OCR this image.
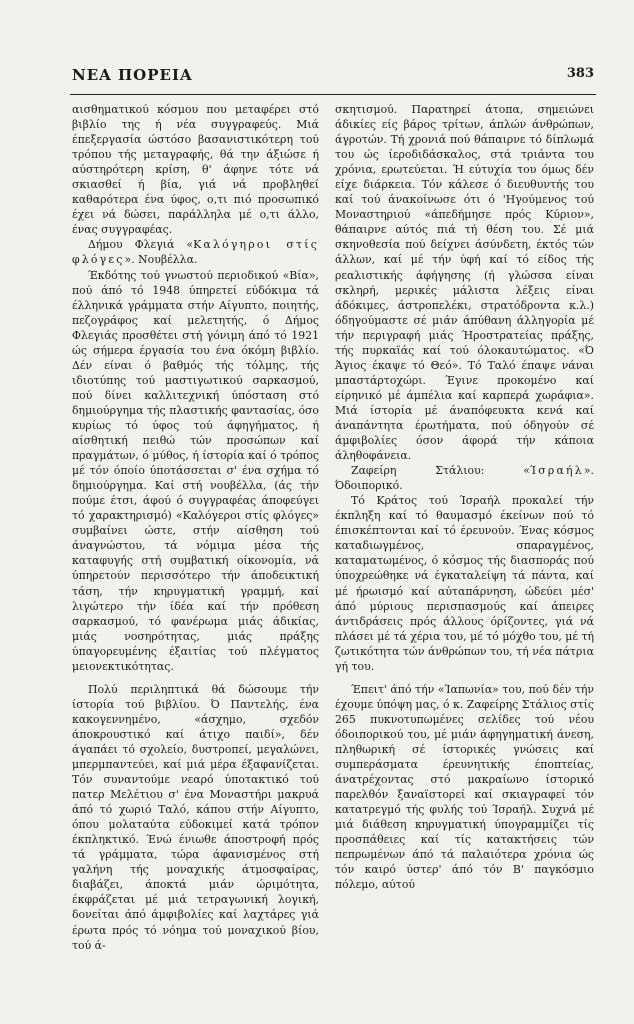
ΝΕΑ ΠΟΡΕΙΑ	383

αισθηματικού κόσμου που μεταφέρει στό βιβλίο της ή νέα συγγραφεύς. Μιά έπεξεργασία ώστόσο βασανιστικότερη τού τρόπου τής μεταγραφής, θά την άξιώσε ή αύστηρότερη κρίση, θ' άφηνε τότε νά σκιασθεί ή βία, γιά νά προβληθεί καθαρότερα ένα ύφος, ο,τι πιό προσωπικό έχει νά δώσει, παράλληλα μέ ο,τι άλλο, ένας συγγραφέας.

Δήμου Φλεγιά «Καλόγηροι στίς φλόγες». Νουβέλλα.

Έκδότης τού γνωστού περιοδικού «Βία», πού άπό τό 1948 ύπηρετεί εύδόκιμα τά έλληνικά γράμματα στήν Αίγυπτο, ποιητής, πεζογράφος καί μελετητής, ό Δήμος Φλεγιάς προσθέτει στή γόνιμη άπό τό 1921 ώς σήμερα έργασία του ένα όκόμη βιβλίο. Δέν είναι ό βαθμός τής τόλμης, τής ιδιοτύπης τού μαστιγωτικού σαρκασμού, πού δίνει καλλιτεχνική ύπόσταση στό δημιούργημα τής πλαστικής φαντασίας, όσο κυρίως τό ύφος τού άφηγήματος, ή αίσθητική πειθώ τών προσώπων καί πραγμάτων, ό μύθος, ή ίστορία καί ό τρόπος μέ τόν όποίο ύποτάσσεται σ' ένα σχήμα τό δημιούργημα. Καί στή νουβέλλα, (άς τήν πούμε έτσι, άφού ό συγγραφέας άποφεύγει τό χαρακτηρισμό) «Καλόγεροι στίς φλόγες» συμβαίνει ώστε, στήν αίσθηση τού άναγνώστου, τά νόμιμα μέσα τής καταφυγής στή συμβατική οίκονομία, νά ύπηρετούν περισσότερο τήν άποδεικτική τάση, τήν κηρυγματική γραμμή, καί λιγώτερο τήν ίδέα καί τήν πρόθεση σαρκασμού, τό φανέρωμα μιάς άδικίας, μιάς νοσηρότητας, μιάς πράξης ύπαγορευμένης έξαιτίας τού πλέγματος μειονεκτικότητας.

Πολύ περιληπτικά θά δώσουμε τήν ίστορία τού βιβλίου. Ό Παντελής, ένα κακογεννημένο, «άσχημο, σχεδόν άποκρουστικό καί άτιχο παιδί», δέν άγαπάει τό σχολείο, δυστροπεί, μεγαλώνει, μπερμπαντεύει, καί μιά μέρα έξαφανίζεται. Τόν συναντούμε νεαρό ύποτακτικό τού πατερ Μελέτιου σ' ένα Μοναστήρι μακρυά άπό τό χωριό Ταλό, κάπου στήν Αίγυπτο, όπου μολαταύτα εύδοκιμεί κατά τρόπον έκπληκτικό. Ένώ ένιωθε άποστροφή πρός τά γράμματα, τώρα άφανισμένος στή γαλήνη τής μοναχικής άτμοσφαίρας, διαβάζει, άποκτά μιάν ώριμότητα, έκφράζεται μέ μιά τετραγωνική λογική, δονείται άπό άμφιβολίες καί λαχτάρες γιά έρωτα πρός τό νόημα τού μοναχικού βίου, τού ά-

σκητισμού. Παρατηρεί άτοπα, σημειώνει άδικίες είς βάρος τρίτων, άπλών άνθρώπων, άγροτών. Τή χρονιά πού θάπαιρνε τό δίπλωμά του ώς ίεροδιδάσκαλος, στά τριάντα του χρόνια, ερωτεύεται. Ή εύτυχία του όμως δέν είχε διάρκεια. Τόν κάλεσε ό διευθυντής του καί τού άνακοίνωσε ότι ό 'Ηγούμενος τού Μοναστηριού «άπεδήμησε πρός Κύριον», θάπαιρνε αύτός πιά τή θέση του. Σέ μιά σκηνοθεσία πού δείχνει άσύνδετη, έκτός τών άλλων, καί μέ τήν ύφή καί τό είδος τής ρεαλιστικής άφήγησης (ή γλώσσα είναι σκληρή, μερικές μάλιστα λέξεις είναι άδόκιμες, άστροπελέκι, στρατόδροντα κ.λ.) όδηγούμαστε σέ μιάν άπύθανη άλληγορία μέ τήν περιγραφή μιάς Ήροστρατείας πράξης, τής πυρκαϊάς καί τού όλοκαυτώματος. «Ό Άγιος έκαψε τό Θεό». Τό Ταλό έπαψε νάναι μπαστάρτοχώρι. Έγινε προκομένο καί είρηνικό μέ άμπέλια καί καρπερά χωράφια». Μιά ίστορία μέ άναπόφευκτα κενά καί άναπάντητα έρωτήματα, πού όδηγούν σέ άμφιβολίες όσον άφορά τήν κάποια άληθοφάνεια.

Ζαφείρη Στάλιου: «Ίσραήλ». Όδοιπορικό.

Τό Κράτος τού Ίσραήλ προκαλεί τήν έκπληξη καί τό θαυμασμό έκείνων πού τό έπισκέπτονται καί τό έρευνούν. Ένας κόσμος καταδιωγμένος, σπαραγμένος, καταματωμένος, ό κόσμος τής διασποράς πού ύποχρεώθηκε νά έγκαταλείψη τά πάντα, καί μέ ήρωισμό καί αύταπάρνηση, ώδεύει μέσ' άπό μύριους περισπασμούς καί άπειρες άντιδράσεις πρός άλλους όρίζοντες, γιά νά πλάσει μέ τά χέρια του, μέ τό μόχθο του, μέ τή ζωτικότητα τών άνθρώπων του, τή νέα πάτρια γή του.

Έπειτ' άπό τήν «Ίαπωνία» του, πού δέν τήν έχουμε ύπόψη μας, ό κ. Ζαφείρης Στάλιος στίς 265 πυκνοτυπωμένες σελίδες τού νέου όδοιπορικού του, μέ μιάν άφηγηματική άνεση, πληθωρική σέ ίστορικές γνώσεις καί συμπεράσματα έρευνητικής έποπτείας, άνατρέχοντας στό μακραίωνο ίστορικό παρελθόν ξαναϊστορεί καί σκιαγραφεί τόν κατατρεγμό τής φυλής τού Ίσραήλ. Συχνά μέ μιά διάθεση κηρυγματική ύπογραμμίζει τίς προσπάθειες καί τίς κατακτήσεις τών πεπρωμένων άπό τά παλαιότερα χρόνια ώς τόν καιρό ύστερ' άπό τόν Β' παγκόσμιο πόλεμο, αύτού
